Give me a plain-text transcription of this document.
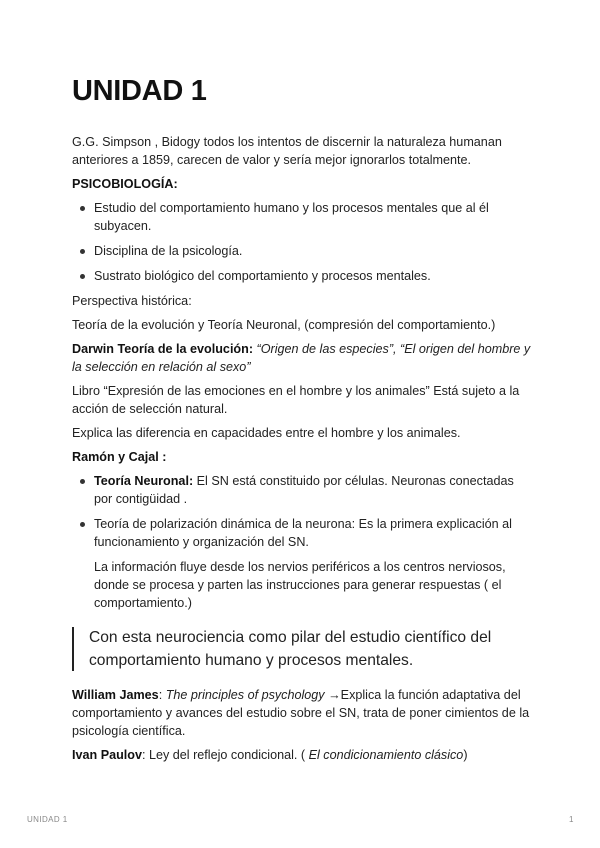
UNIDAD 1

G.G. Simpson , Bidogy todos los intentos de discernir la naturaleza humanan anteriores a 1859, carecen de valor y sería mejor ignorarlos totalmente.

PSICOBIOLOGÍA:

Estudio del comportamiento humano y los procesos mentales que al él subyacen.
Disciplina de la psicología.
Sustrato biológico del comportamiento y procesos mentales.

Perspectiva histórica:

Teoría de la evolución y Teoría Neuronal, (compresión del comportamiento.)

Darwin Teoría de la evolución: “Origen de las especies”, “El origen del hombre y la selección en relación al sexo”

Libro “Expresión de las emociones en el hombre y los animales” Está sujeto a la acción de selección natural.

Explica las diferencia en capacidades entre el hombre y los animales.

Ramón y Cajal :

Teoría Neuronal: El SN está constituido por células. Neuronas conectadas por contigüidad .
Teoría de polarización dinámica de la neurona: Es la primera explicación al funcionamiento y organización del SN.
La información fluye desde los nervios periféricos a los centros nerviosos, donde se procesa y parten las instrucciones para generar respuestas ( el comportamiento.)
Con esta neurociencia como pilar del estudio científico del comportamiento humano y procesos mentales.

William James: The principles of psychology →Explica la función adaptativa del comportamiento y avances del estudio sobre el SN, trata de poner cimientos de la psicología científica.

Ivan Paulov: Ley del reflejo condicional. ( El condicionamiento clásico)

UNIDAD 1	1
